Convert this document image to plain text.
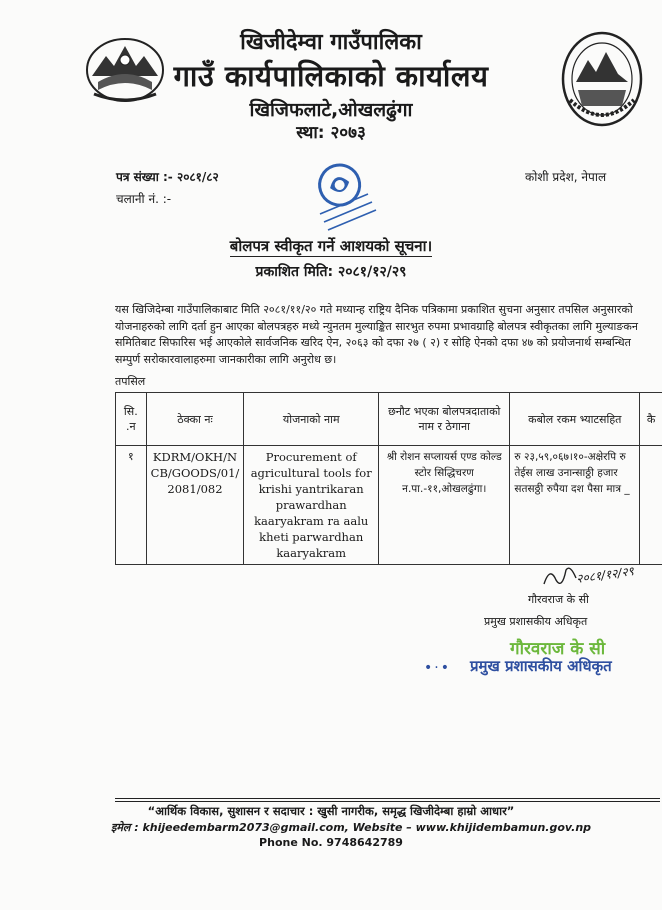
खिजीदेम्वा गाउँपालिका
गाउँ कार्यपालिकाको कार्यालय
खिजिफलाटे,ओखलढुंगा
स्था: २०७३
पत्र संख्या :- २०८१/८२
चलानी नं. :-
कोशी प्रदेश, नेपाल
बोलपत्र स्वीकृत गर्ने आशयको सूचना।
प्रकाशित मिति: २०८१/१२/२९
यस खिजिदेम्बा गाउँपालिकाबाट मिति २०८१/११/२० गते मध्यान्ह राष्ट्रिय दैनिक पत्रिकामा प्रकाशित सुचना अनुसार तपसिल अनुसारको योजनाहरुको लागि दर्ता हुन आएका बोलपत्रहरु मध्ये न्युनतम मुल्याङ्कित सारभुत रुपमा प्रभावग्राहि बोलपत्र स्वीकृतका लागि मुल्याङकन समितिबाट सिफारिस भई आएकोले सार्वजनिक खरिद ऐन, २०६३ को दफा २७ ( २) र सोहि ऐनको दफा ४७ को प्रयोजनार्थ सम्बन्धित सम्पुर्ण सरोकारवालाहरुमा जानकारीका लागि अनुरोध छ।
तपसिल
सि. .न	ठेक्का नः	योजनाको नाम	छनौट भएका बोलपत्रदाताको नाम र ठेगाना	कबोल रकम भ्याटसहित	कै
१	KDRM/OKH/N CB/GOODS/01/ 2081/082	Procurement of agricultural tools for krishi yantrikaran prawardhan kaaryakram ra aalu kheti parwardhan kaaryakram	श्री रोशन सप्लायर्स एण्ड कोल्ड स्टोर सिद्धिचरण न.पा.-११,ओखलढुंगा।	रु २३,५९,०६७।१०-अक्षेरपि रु तेईस लाख उनान्साठ्ठी हजार सतसठ्ठी रुपैया दश पैसा मात्र _	
२०८१/१२/२९
गौरवराज के सी
प्रमुख प्रशासकीय अधिकृत
गौरवराज के सी
•·• प्रमुख प्रशासकीय अधिकृत
“आर्थिक विकास, सुशासन र सदाचार : खुसी नागरीक, समृद्ध खिजीदेम्बा हाम्रो आधार”
इमेल : khijeedembarm2073@gmail.com, Website – www.khijidembamun.gov.np
Phone No. 9748642789
